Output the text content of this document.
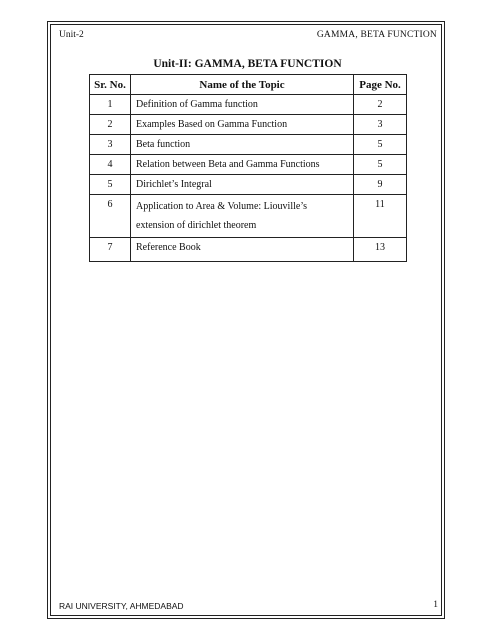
Unit-2	GAMMA, BETA FUNCTION
Unit-II: GAMMA, BETA FUNCTION
Sr. No.	Name of the Topic	Page No.
1	Definition of Gamma function	2
2	Examples Based on Gamma Function	3
3	Beta function	5
4	Relation between Beta and Gamma Functions	5
5	Dirichlet’s Integral	9
6	Application to Area & Volume: Liouville’s
extension of dirichlet theorem	11
7	Reference Book	13
RAI UNIVERSITY, AHMEDABAD	1
